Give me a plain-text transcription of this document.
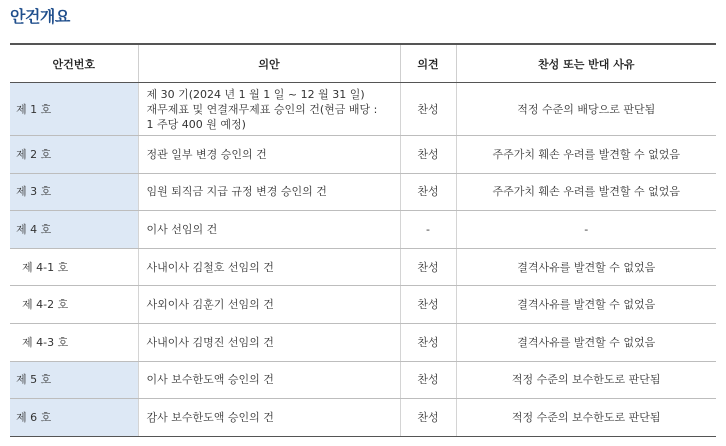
안건개요
안건번호	의안	의견	찬성 또는 반대 사유
제 1 호	제 30 기(2024 년 1 월 1 일 ~ 12 월 31 일)
재무제표 및 연결재무제표 승인의 건(현금 배당 :
1 주당 400 원 예정)	찬성	적정 수준의 배당으로 판단됨
제 2 호	정관 일부 변경 승인의 건	찬성	주주가치 훼손 우려를 발견할 수 없었음
제 3 호	임원 퇴직금 지급 규정 변경 승인의 건	찬성	주주가치 훼손 우려를 발견할 수 없었음
제 4 호	이사 선임의 건	-	-
제 4-1 호	사내이사 김철호 선임의 건	찬성	결격사유를 발견할 수 없었음
제 4-2 호	사외이사 김훈기 선임의 건	찬성	결격사유를 발견할 수 없었음
제 4-3 호	사내이사 김명진 선임의 건	찬성	결격사유를 발견할 수 없었음
제 5 호	이사 보수한도액 승인의 건	찬성	적정 수준의 보수한도로 판단됨
제 6 호	감사 보수한도액 승인의 건	찬성	적정 수준의 보수한도로 판단됨
